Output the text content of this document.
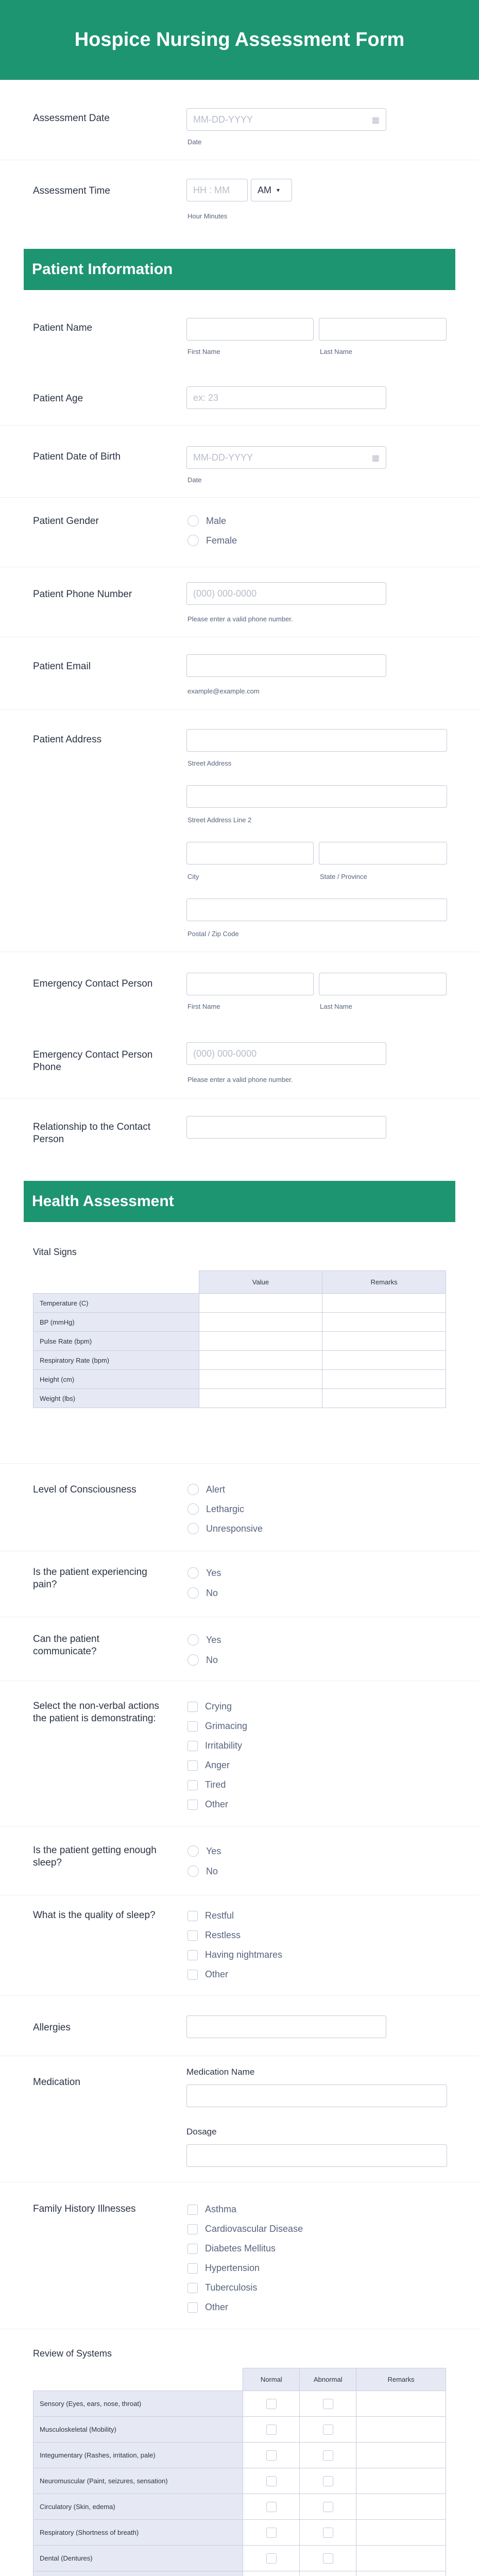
Hospice Nursing Assessment Form
Assessment Date	MM-DD-YYYY	▦
Date
Assessment Time	HH : MM	AM ▾
Hour Minutes
Patient Information
Patient Name
First Name	Last Name
Patient Age	ex: 23
Patient Date of Birth	MM-DD-YYYY	▦
Date
Patient Gender	Male
Female
Patient Phone Number	(000) 000-0000
Please enter a valid phone number.
Patient Email
example@example.com
Patient Address
Street Address
Street Address Line 2
City	State / Province
Postal / Zip Code
Emergency Contact Person
First Name	Last Name
Emergency Contact Person
Phone
(000) 000-0000
Please enter a valid phone number.
Relationship to the Contact
Person
Health Assessment
Vital Signs
	Value	Remarks
Temperature (C)		
BP (mmHg)		
Pulse Rate (bpm)		
Respiratory Rate (bpm)		
Height (cm)		
Weight (lbs)		
Level of Consciousness	Alert
Lethargic
Unresponsive
Is the patient experiencing
pain?
Yes
No
Can the patient
communicate?
Yes
No
Select the non-verbal actions
the patient is demonstrating:
Crying
Grimacing
Irritability
Anger
Tired
Other
Is the patient getting enough
sleep?
Yes
No
What is the quality of sleep?	Restful
Restless
Having nightmares
Other
Allergies
Medication
Medication Name
Dosage
Family History Illnesses	Asthma
Cardiovascular Disease
Diabetes Mellitus
Hypertension
Tuberculosis
Other
Review of Systems
	Normal	Abnormal	Remarks
Sensory (Eyes, ears, nose, throat)			
Musculoskeletal (Mobility)			
Integumentary (Rashes, irritation, pale)			
Neuromuscular (Paint, seizures, sensation)			
Circulatory (Skin, edema)			
Respiratory (Shortness of breath)			
Dental (Dentures)			
